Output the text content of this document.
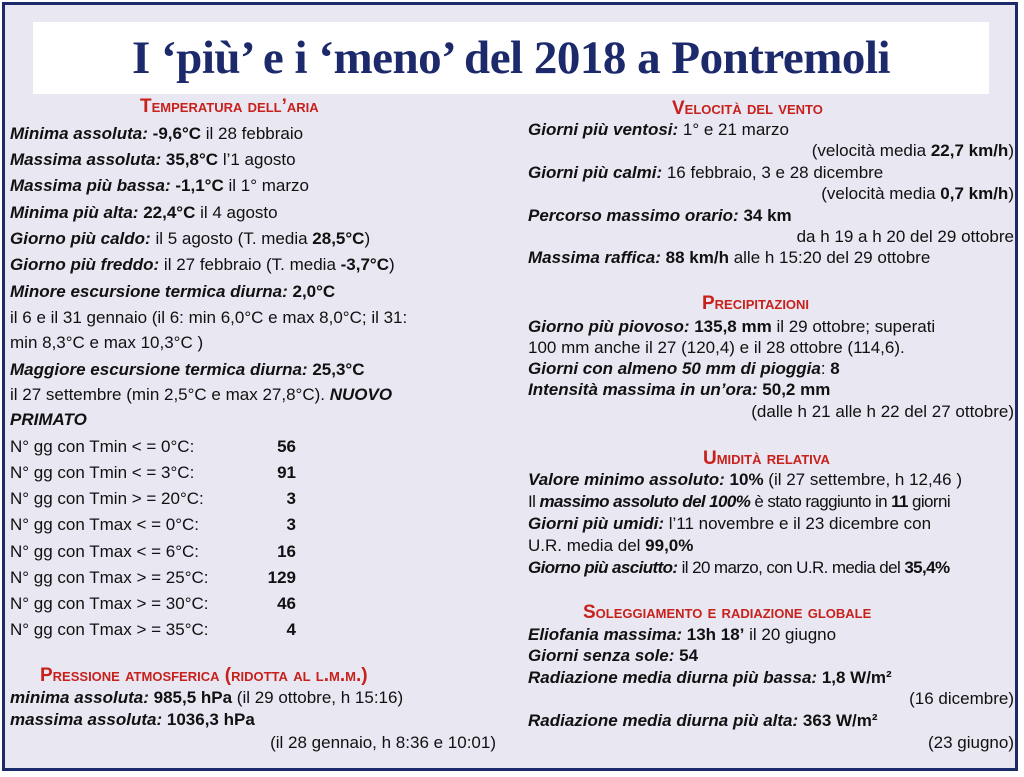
I ‘più’ e i ‘meno’ del 2018 a Pontremoli
Temperatura dell’aria
Minima assoluta: -9,6°C il 28 febbraio
Massima assoluta: 35,8°C l’1 agosto
Massima più bassa: -1,1°C il 1° marzo
Minima più alta: 22,4°C il 4 agosto
Giorno più caldo: il 5 agosto (T. media 28,5°C)
Giorno più freddo: il 27 febbraio (T. media -3,7°C)
Minore escursione termica diurna: 2,0°C
il 6 e il 31 gennaio (il 6: min 6,0°C e max 8,0°C; il 31:
min 8,3°C e max 10,3°C )
Maggiore escursione termica diurna: 25,3°C
il 27 settembre (min 2,5°C e max 27,8°C). NUOVO
PRIMATO
N° gg con Tmin < = 0°C:	56
N° gg con Tmin < = 3°C:	91
N° gg con Tmin > = 20°C:	3
N° gg con Tmax < = 0°C:	3
N° gg con Tmax < = 6°C:	16
N° gg con Tmax > = 25°C:	129
N° gg con Tmax > = 30°C:	46
N° gg con Tmax > = 35°C:	4
Pressione atmosferica (ridotta al l.m.m.)
minima assoluta: 985,5 hPa (il 29 ottobre, h 15:16)
massima assoluta: 1036,3 hPa
(il 28 gennaio, h 8:36 e 10:01)
Velocità del vento
Giorni più ventosi: 1° e 21 marzo
(velocità media 22,7 km/h)
Giorni più calmi: 16 febbraio, 3 e 28 dicembre
(velocità media 0,7 km/h)
Percorso massimo orario: 34 km
da h 19 a h 20 del 29 ottobre
Massima raffica: 88 km/h alle h 15:20 del 29 ottobre
Precipitazioni
Giorno più piovoso: 135,8 mm il 29 ottobre; superati
100 mm anche il 27 (120,4) e il 28 ottobre (114,6).
Giorni con almeno 50 mm di pioggia: 8
Intensità massima in un’ora: 50,2 mm
(dalle h 21 alle h 22 del 27 ottobre)
Umidità relativa
Valore minimo assoluto: 10% (il 27 settembre, h 12,46 )
Il massimo assoluto del 100% è stato raggiunto in 11 giorni
Giorni più umidi: l’11 novembre e il 23 dicembre con
U.R. media del 99,0%
Giorno più asciutto: il 20 marzo, con U.R. media del 35,4%
Soleggiamento e radiazione globale
Eliofania massima: 13h 18’ il 20 giugno
Giorni senza sole: 54
Radiazione media diurna più bassa: 1,8 W/m²
(16 dicembre)
Radiazione media diurna più alta: 363 W/m²
(23 giugno)
